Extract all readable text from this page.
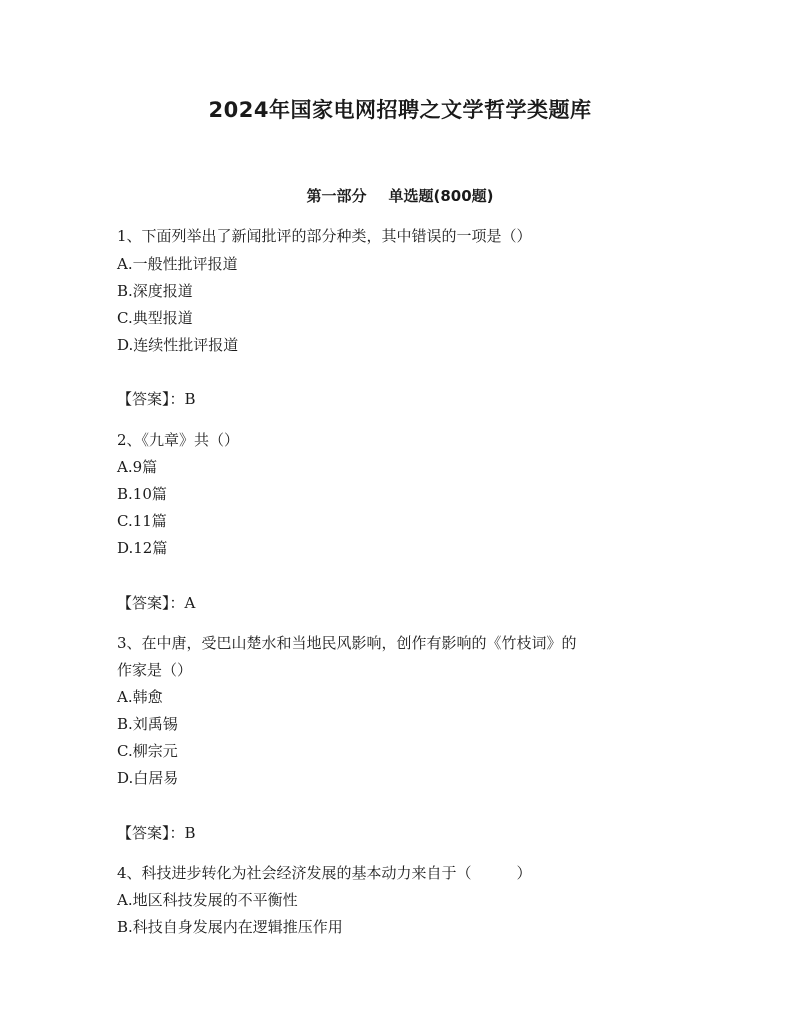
2024年国家电网招聘之文学哲学类题库
第一部分 单选题(800题)
1、下面列举出了新闻批评的部分种类，其中错误的一项是（）
A.一般性批评报道
B.深度报道
C.典型报道
D.连续性批评报道
【答案】：B
2、《九章》共（）
A.9篇
B.10篇
C.11篇
D.12篇
【答案】：A
3、在中唐，受巴山楚水和当地民风影响，创作有影响的《竹枝词》的
作家是（）
A.韩愈
B.刘禹锡
C.柳宗元
D.白居易
【答案】：B
4、科技进步转化为社会经济发展的基本动力来自于（　　　）
A.地区科技发展的不平衡性
B.科技自身发展内在逻辑推压作用
